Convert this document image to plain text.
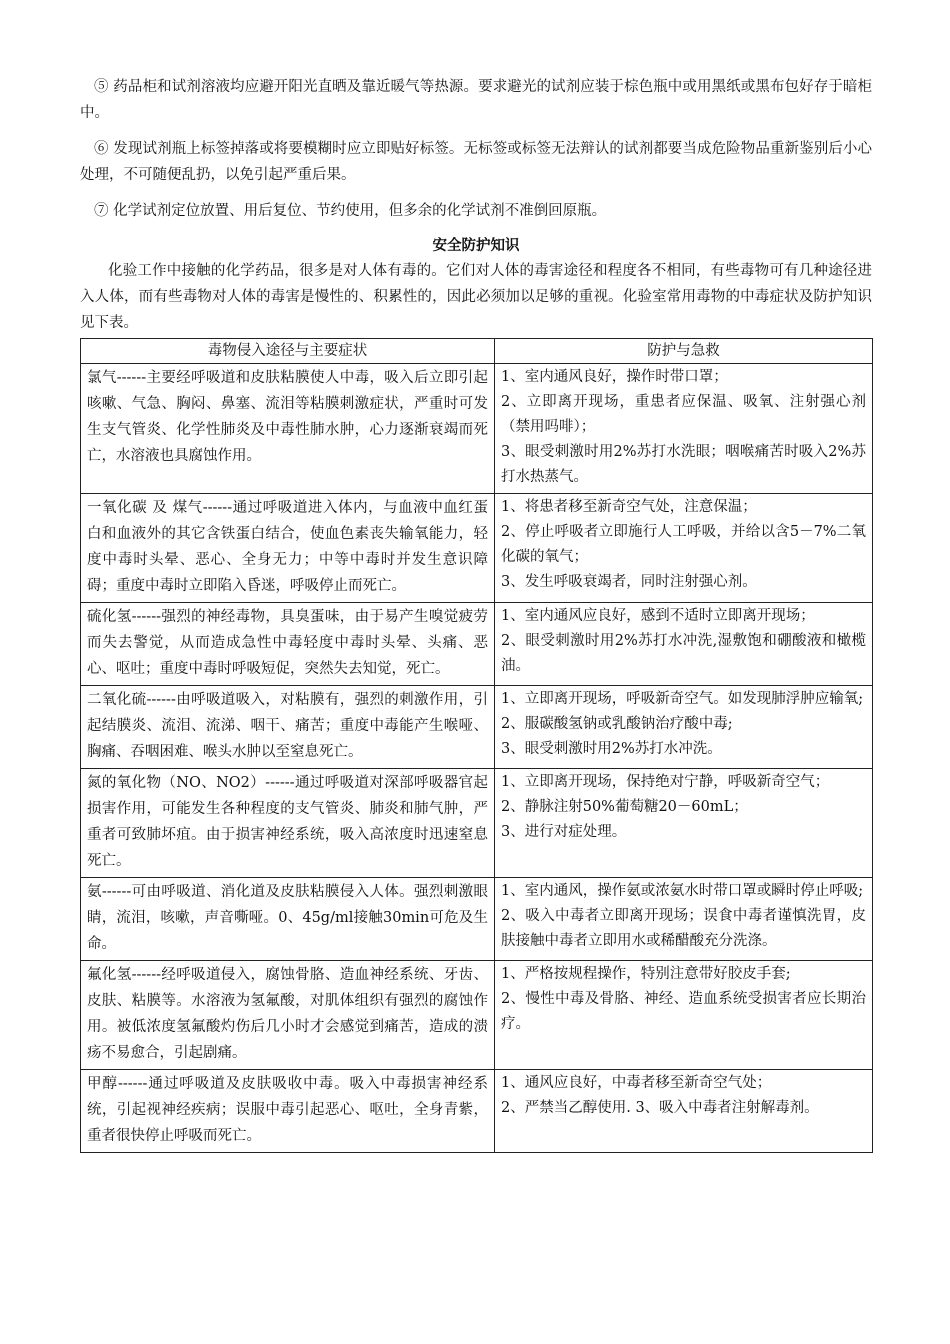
⑤ 药品柜和试剂溶液均应避开阳光直晒及靠近暖气等热源。要求避光的试剂应装于棕色瓶中或用黑纸或黑布包好存于暗柜中。

⑥ 发现试剂瓶上标签掉落或将要模糊时应立即贴好标签。无标签或标签无法辩认的试剂都要当成危险物品重新鉴别后小心处理，不可随便乱扔，以免引起严重后果。

⑦ 化学试剂定位放置、用后复位、节约使用，但多余的化学试剂不准倒回原瓶。

安全防护知识

化验工作中接触的化学药品，很多是对人体有毒的。它们对人体的毒害途径和程度各不相同，有些毒物可有几种途径进入人体，而有些毒物对人体的毒害是慢性的、积累性的，因此必须加以足够的重视。化验室常用毒物的中毒症状及防护知识见下表。

毒物侵入途径与主要症状	防护与急救
氯气------主要经呼吸道和皮肤粘膜使人中毒，吸入后立即引起咳嗽、气急、胸闷、鼻塞、流泪等粘膜刺激症状，严重时可发生支气管炎、化学性肺炎及中毒性肺水肿，心力逐渐衰竭而死亡，水溶液也具腐蚀作用。	1、室内通风良好，操作时带口罩；
2、立即离开现场，重患者应保温、吸氧、注射强心剂（禁用吗啡）；
3、眼受刺激时用2%苏打水洗眼；咽喉痛苦时吸入2%苏打水热蒸气。

一氧化碳 及 煤气------通过呼吸道进入体内，与血液中血红蛋白和血液外的其它含铁蛋白结合，使血色素丧失输氧能力，轻度中毒时头晕、恶心、全身无力；中等中毒时并发生意识障碍；重度中毒时立即陷入昏迷，呼吸停止而死亡。	1、将患者移至新奇空气处，注意保温；
2、停止呼吸者立即施行人工呼吸，并给以含5－7%二氧化碳的氧气；
3、发生呼吸衰竭者，同时注射强心剂。

硫化氢------强烈的神经毒物，具臭蛋味，由于易产生嗅觉疲劳而失去警觉，从而造成急性中毒轻度中毒时头晕、头痛、恶心、呕吐；重度中毒时呼吸短促，突然失去知觉，死亡。	1、室内通风应良好，感到不适时立即离开现场；
2、眼受刺激时用2%苏打水冲洗,湿敷饱和硼酸液和橄榄油。

二氧化硫------由呼吸道吸入，对粘膜有，强烈的刺激作用，引起结膜炎、流泪、流涕、咽干、痛苦；重度中毒能产生喉哑、胸痛、吞咽困难、喉头水肿以至窒息死亡。	1、立即离开现场，呼吸新奇空气。如发现肺浮肿应输氧;
2、服碳酸氢钠或乳酸钠治疗酸中毒;
3、眼受刺激时用2%苏打水冲洗。

氮的氧化物（NO、NO2）------通过呼吸道对深部呼吸器官起损害作用，可能发生各种程度的支气管炎、肺炎和肺气肿，严重者可致肺坏疽。由于损害神经系统，吸入高浓度时迅速窒息死亡。	1、立即离开现场，保持绝对宁静，呼吸新奇空气；
2、静脉注射50%葡萄糖20－60mL；
3、进行对症处理。

氨------可由呼吸道、消化道及皮肤粘膜侵入人体。强烈刺激眼睛，流泪，咳嗽，声音嘶哑。0、45g/ml接触30min可危及生命。	1、室内通风，操作氨或浓氨水时带口罩或瞬时停止呼吸;
2、吸入中毒者立即离开现场；误食中毒者谨慎洗胃，皮肤接触中毒者立即用水或稀醋酸充分洗涤。

氟化氢------经呼吸道侵入，腐蚀骨胳、造血神经系统、牙齿、皮肤、粘膜等。水溶液为氢氟酸，对肌体组织有强烈的腐蚀作用。被低浓度氢氟酸灼伤后几小时才会感觉到痛苦，造成的溃疡不易愈合，引起剧痛。	1、严格按规程操作，特别注意带好胶皮手套;
2、慢性中毒及骨胳、神经、造血系统受损害者应长期治疗。

甲醇------通过呼吸道及皮肤吸收中毒。吸入中毒损害神经系统，引起视神经疾病；误服中毒引起恶心、呕吐，全身青紫，重者很快停止呼吸而死亡。	1、通风应良好，中毒者移至新奇空气处；
2、严禁当乙醇使用. 3、吸入中毒者注射解毒剂。
